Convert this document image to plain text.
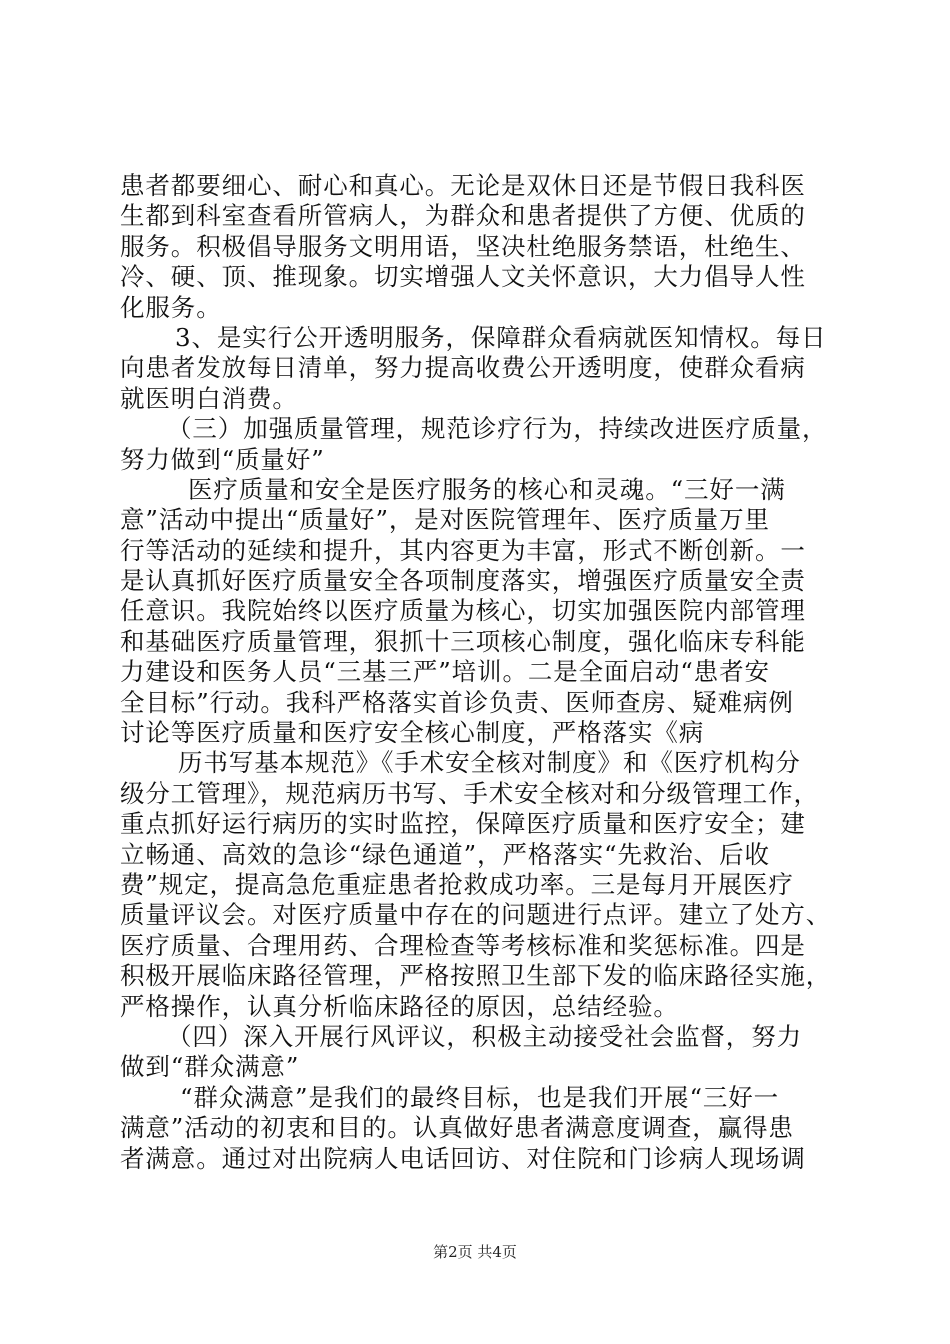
患者都要细心、耐心和真心。无论是双休日还是节假日我科医
生都到科室查看所管病人，为群众和患者提供了方便、优质的
服务。积极倡导服务文明用语，坚决杜绝服务禁语，杜绝生、
冷、硬、顶、推现象。切实增强人文关怀意识，大力倡导人性
化服务。
3、是实行公开透明服务，保障群众看病就医知情权。每日
向患者发放每日清单，努力提高收费公开透明度，使群众看病
就医明白消费。
（三）加强质量管理，规范诊疗行为，持续改进医疗质量，
努力做到“质量好”
医疗质量和安全是医疗服务的核心和灵魂。“三好一满
意”活动中提出“质量好”，是对医院管理年、医疗质量万里
行等活动的延续和提升，其内容更为丰富，形式不断创新。一
是认真抓好医疗质量安全各项制度落实，增强医疗质量安全责
任意识。我院始终以医疗质量为核心，切实加强医院内部管理
和基础医疗质量管理，狠抓十三项核心制度，强化临床专科能
力建设和医务人员“三基三严”培训。二是全面启动“患者安
全目标”行动。我科严格落实首诊负责、医师查房、疑难病例
讨论等医疗质量和医疗安全核心制度，严格落实《病
历书写基本规范》《手术安全核对制度》和《医疗机构分
级分工管理》，规范病历书写、手术安全核对和分级管理工作，
重点抓好运行病历的实时监控，保障医疗质量和医疗安全；建
立畅通、高效的急诊“绿色通道”，严格落实“先救治、后收
费”规定，提高急危重症患者抢救成功率。三是每月开展医疗
质量评议会。对医疗质量中存在的问题进行点评。建立了处方、
医疗质量、合理用药、合理检查等考核标准和奖惩标准。四是
积极开展临床路径管理，严格按照卫生部下发的临床路径实施，
严格操作，认真分析临床路径的原因，总结经验。
（四）深入开展行风评议，积极主动接受社会监督，努力
做到“群众满意”
“群众满意”是我们的最终目标，也是我们开展“三好一
满意”活动的初衷和目的。认真做好患者满意度调查，赢得患
者满意。通过对出院病人电话回访、对住院和门诊病人现场调
第2页 共4页
